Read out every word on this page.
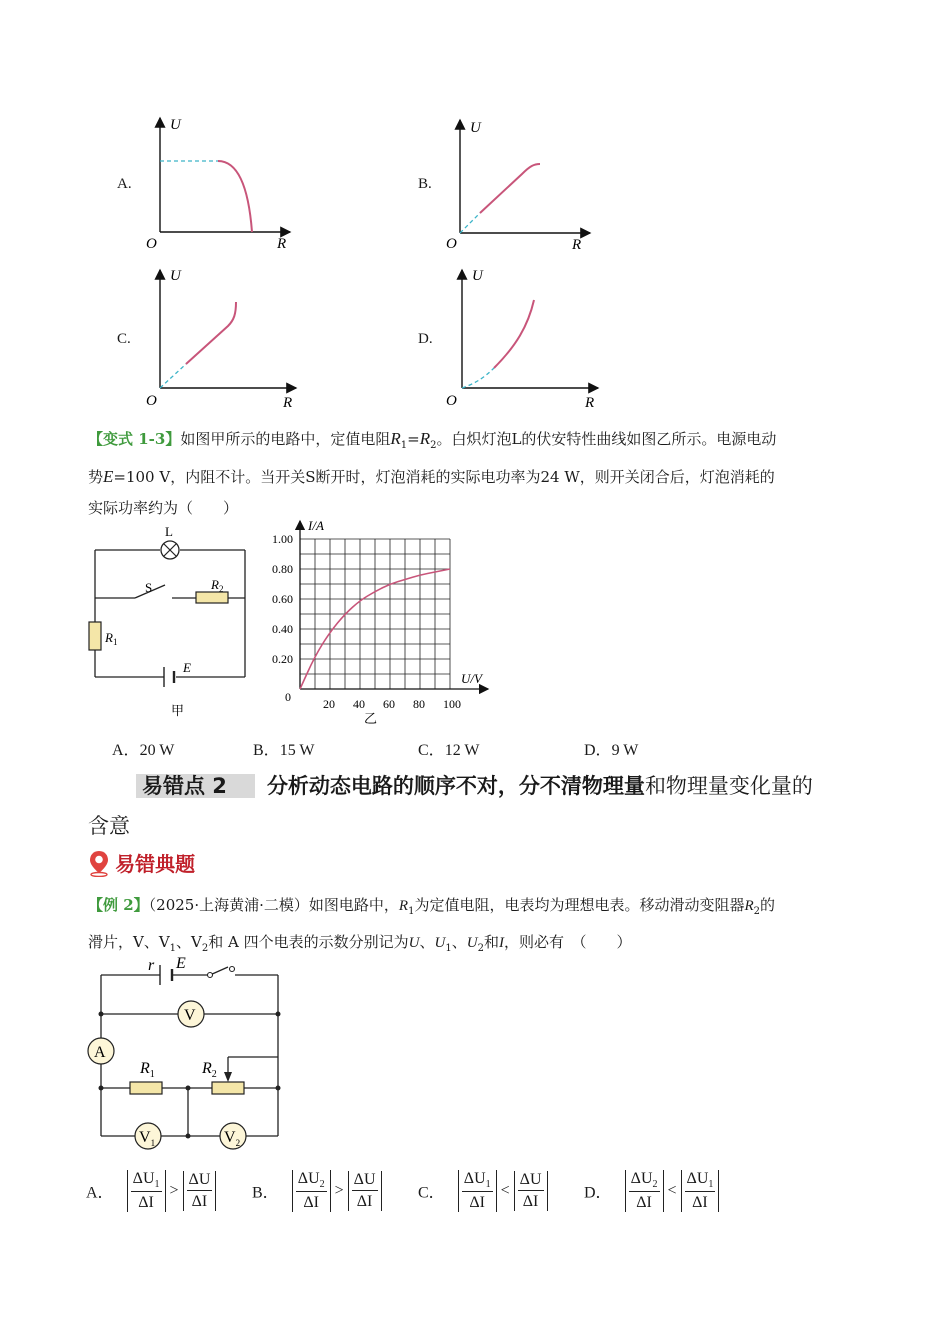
A.
U
O	R
B.
U
O	R
C.
U
O	R
D.
U
O	R
【变式 1-3】如图甲所示的电路中，定值电阻$R_1=R_2$。白炽灯泡L的伏安特性曲线如图乙所示。电源电动
势E=100 V，内阻不计。当开关S断开时，灯泡消耗的实际电功率为24 W，则开关闭合后，灯泡消耗的
实际功率约为（　　）
L
S	$R_2$
$R_1$
E
甲	20 40 60 80 100
0.20
0.40
0.60
0.80
1.00
I/A
U/V
0
乙
A．20 W	B．15 W	C．12 W	D．9 W
易错点 2 分析动态电路的顺序不对，分不清物理量和物理量变化量的
含意
易错典题
【例 2】（2025·上海黄浦·二模）如图电路中，$R_1$为定值电阻，电表均为理想电表。移动滑动变阻器$R_2$的
滑片，V、$V_1$、$V_2$和 A 四个电表的示数分别记为U、$U_1$、$U_2$和I，则必有　（　　）
V
A
$V_1$	$V_2$
r E
$R_1$	$R_2$
A． $\frac{\Delta U_1}{\Delta I} > \frac{\Delta U}{\Delta I}$ B． $\frac{\Delta U_2}{\Delta I} > \frac{\Delta U}{\Delta I}$	C． $\frac{\Delta U_1}{\Delta I} < \frac{\Delta U}{\Delta I}$	D． $\frac{\Delta U_2}{\Delta I} < \frac{\Delta U_1}{\Delta I}$
